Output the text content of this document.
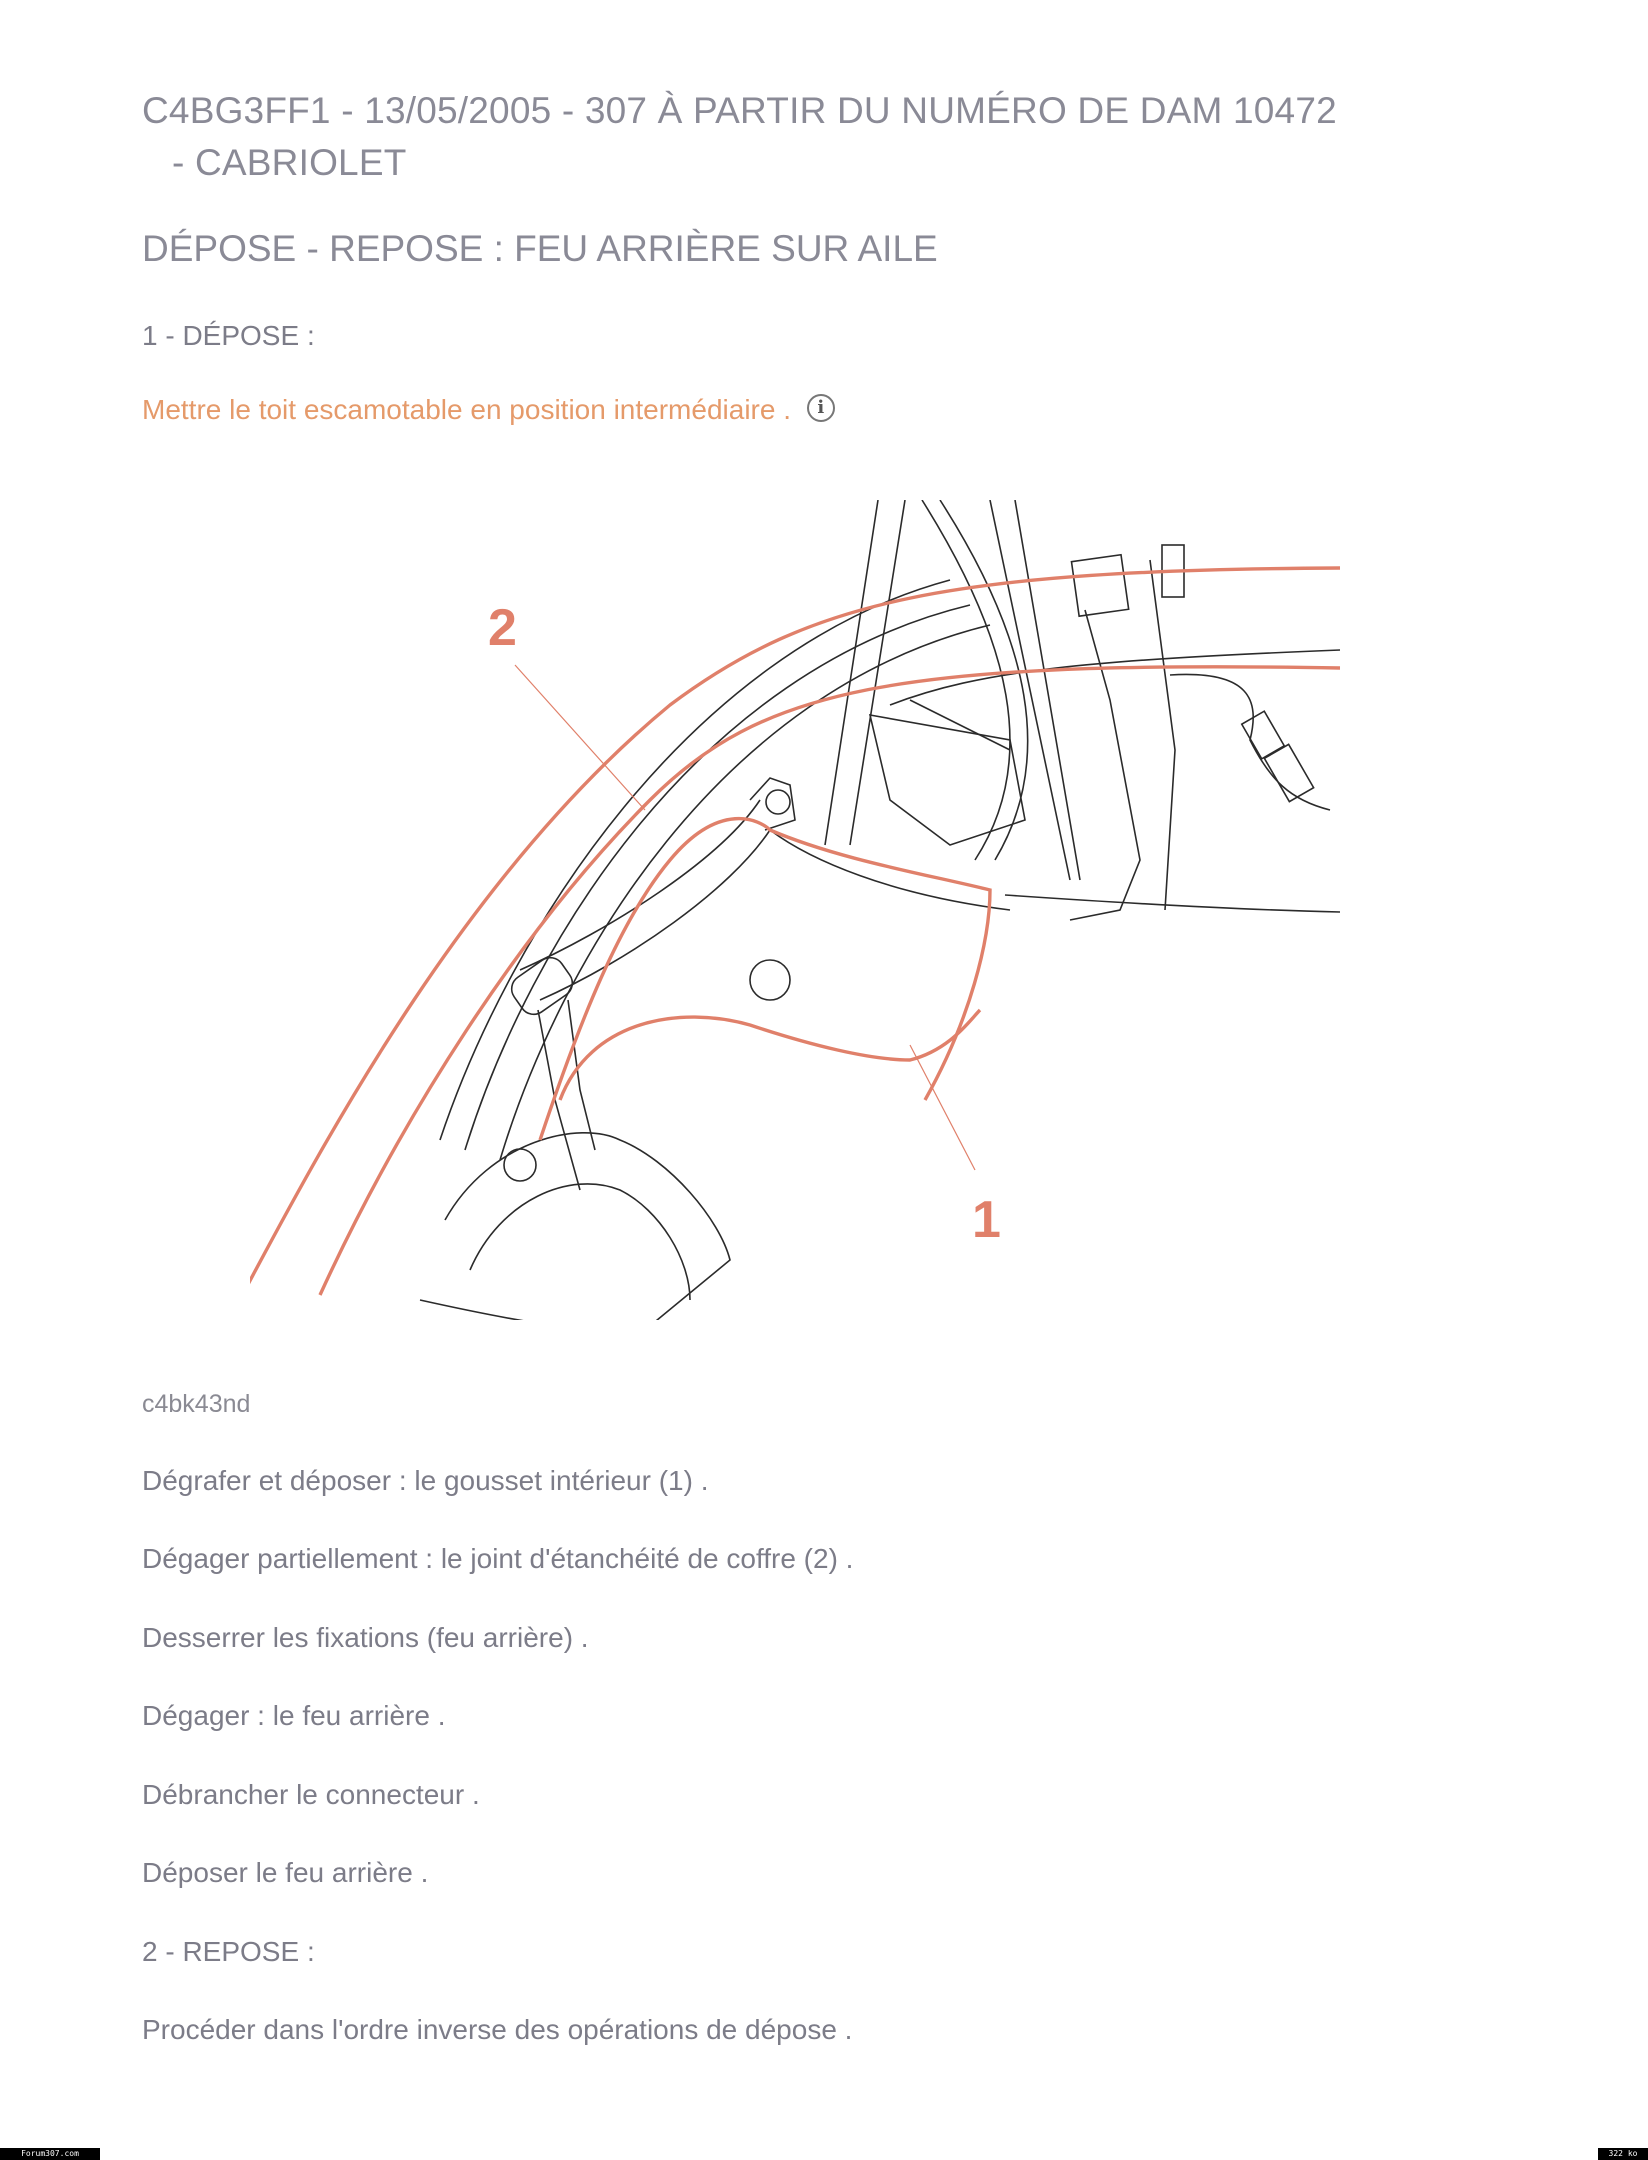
C4BG3FF1 - 13/05/2005 - 307 À PARTIR DU NUMÉRO DE DAM 10472
- CABRIOLET
DÉPOSE - REPOSE : FEU ARRIÈRE SUR AILE
1 - DÉPOSE :
Mettre le toit escamotable en position intermédiaire . i
2
1
c4bk43nd
Dégrafer et déposer : le gousset intérieur (1) .
Dégager partiellement : le joint d'étanchéité de coffre (2) .
Desserrer les fixations (feu arrière) .
Dégager : le feu arrière .
Débrancher le connecteur .
Déposer le feu arrière .
2 - REPOSE :
Procéder dans l'ordre inverse des opérations de dépose .
Forum307.com	322 ko
